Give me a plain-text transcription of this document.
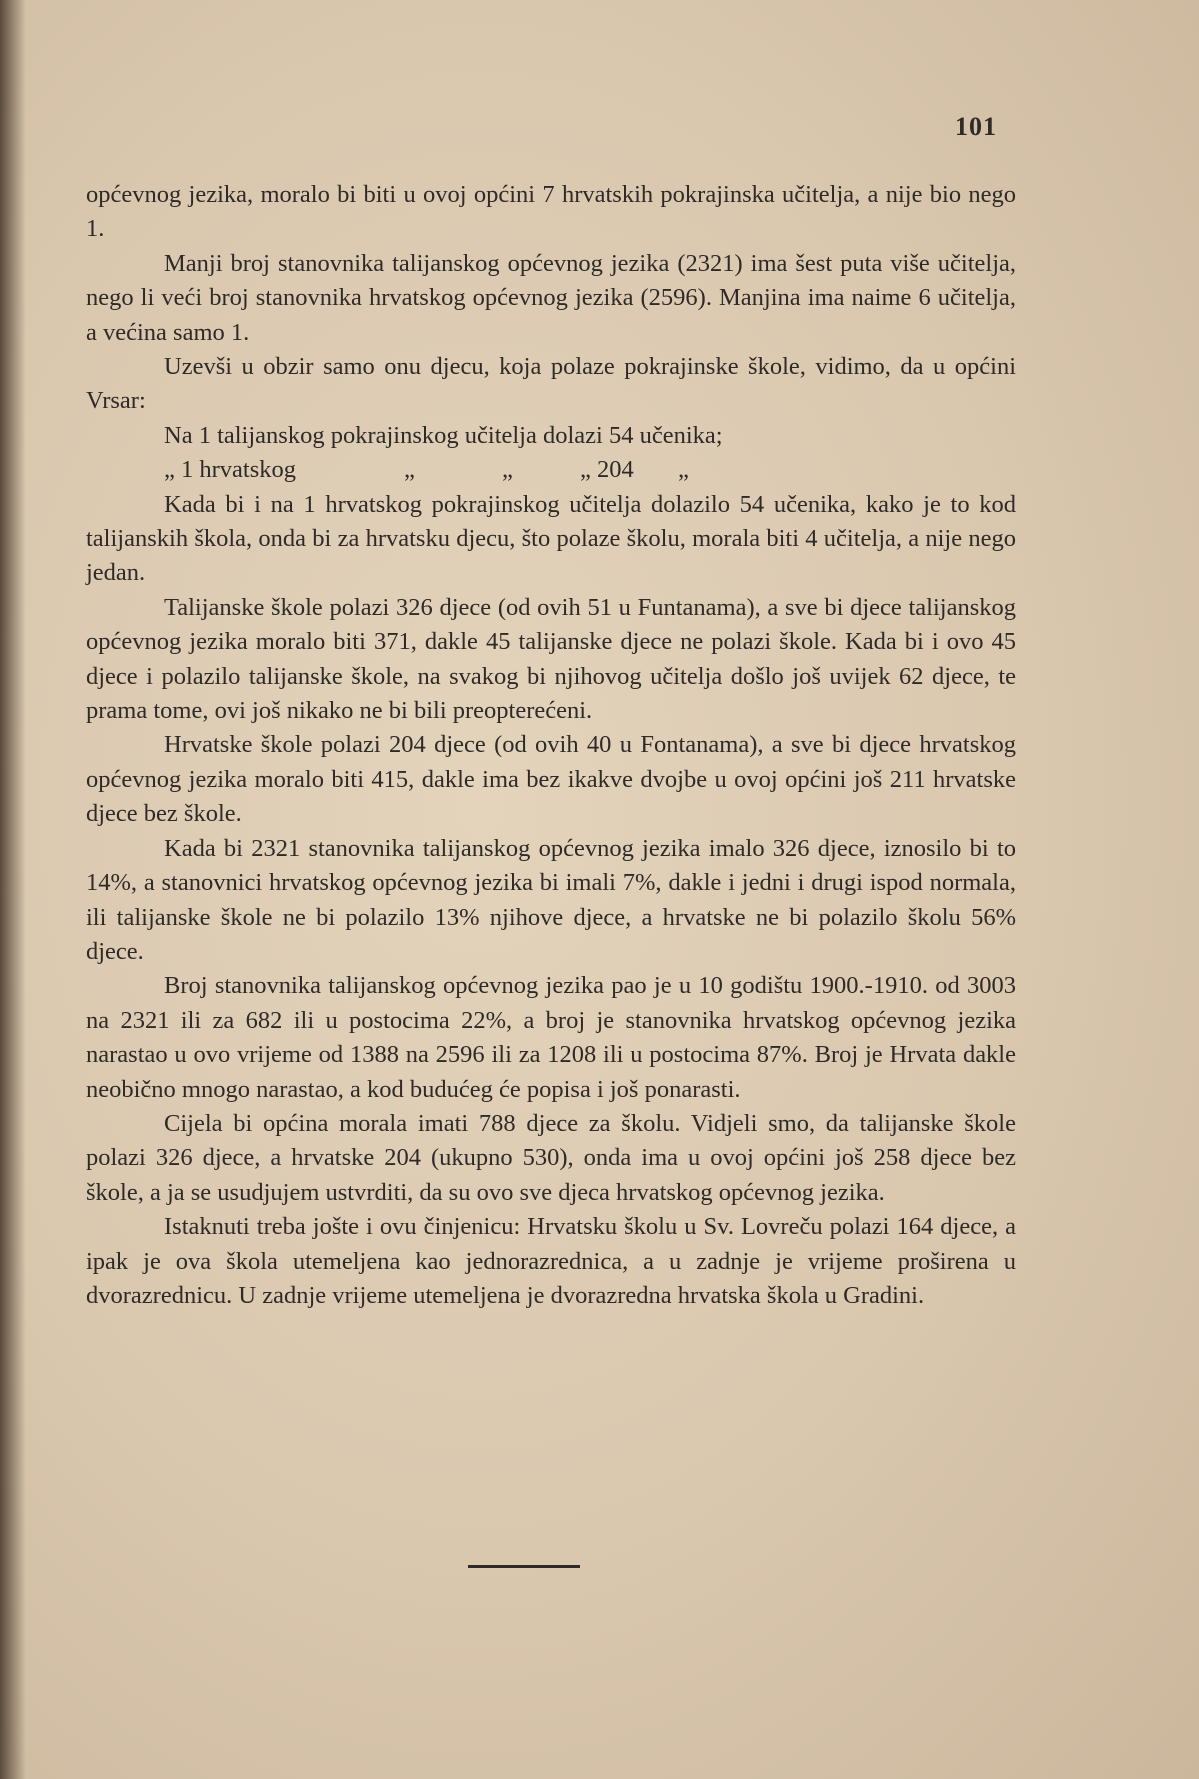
101

općevnog jezika, moralo bi biti u ovoj općini 7 hrvatskih pokrajinska učitelja, a nije bio nego 1.

Manji broj stanovnika talijanskog općevnog jezika (2321) ima šest puta više učitelja, nego li veći broj stanovnika hrvatskog općevnog jezika (2596). Manjina ima naime 6 učitelja, a većina samo 1.

Uzevši u obzir samo onu djecu, koja polaze pokrajinske škole, vidimo, da u općini Vrsar:

Na 1 talijanskog pokrajinskog učitelja dolazi 54 učenika;
„ 1 hrvatskog	„	„	„ 204	„

Kada bi i na 1 hrvatskog pokrajinskog učitelja dolazilo 54 učenika, kako je to kod talijanskih škola, onda bi za hrvatsku djecu, što polaze školu, morala biti 4 učitelja, a nije nego jedan.

Talijanske škole polazi 326 djece (od ovih 51 u Funtanama), a sve bi djece talijanskog općevnog jezika moralo biti 371, dakle 45 talijanske djece ne polazi škole. Kada bi i ovo 45 djece i polazilo talijanske škole, na svakog bi njihovog učitelja došlo još uvijek 62 djece, te prama tome, ovi još nikako ne bi bili preopterećeni.

Hrvatske škole polazi 204 djece (od ovih 40 u Fontanama), a sve bi djece hrvatskog općevnog jezika moralo biti 415, dakle ima bez ikakve dvojbe u ovoj općini još 211 hrvatske djece bez škole.

Kada bi 2321 stanovnika talijanskog općevnog jezika imalo 326 djece, iznosilo bi to 14%, a stanovnici hrvatskog općevnog jezika bi imali 7%, dakle i jedni i drugi ispod normala, ili talijanske škole ne bi polazilo 13% njihove djece, a hrvatske ne bi polazilo školu 56% djece.

Broj stanovnika talijanskog općevnog jezika pao je u 10 godištu 1900.-1910. od 3003 na 2321 ili za 682 ili u postocima 22%, a broj je stanovnika hrvatskog općevnog jezika narastao u ovo vrijeme od 1388 na 2596 ili za 1208 ili u postocima 87%. Broj je Hrvata dakle neobično mnogo narastao, a kod budućeg će popisa i još ponarasti.

Cijela bi općina morala imati 788 djece za školu. Vidjeli smo, da talijanske škole polazi 326 djece, a hrvatske 204 (ukupno 530), onda ima u ovoj općini još 258 djece bez škole, a ja se usudjujem ustvrditi, da su ovo sve djeca hrvatskog općevnog jezika.

Istaknuti treba jošte i ovu činjenicu: Hrvatsku školu u Sv. Lovreču polazi 164 djece, a ipak je ova škola utemeljena kao jednorazrednica, a u zadnje je vrijeme proširena u dvorazrednicu. U zadnje vrijeme utemeljena je dvorazredna hrvatska škola u Gradini.
